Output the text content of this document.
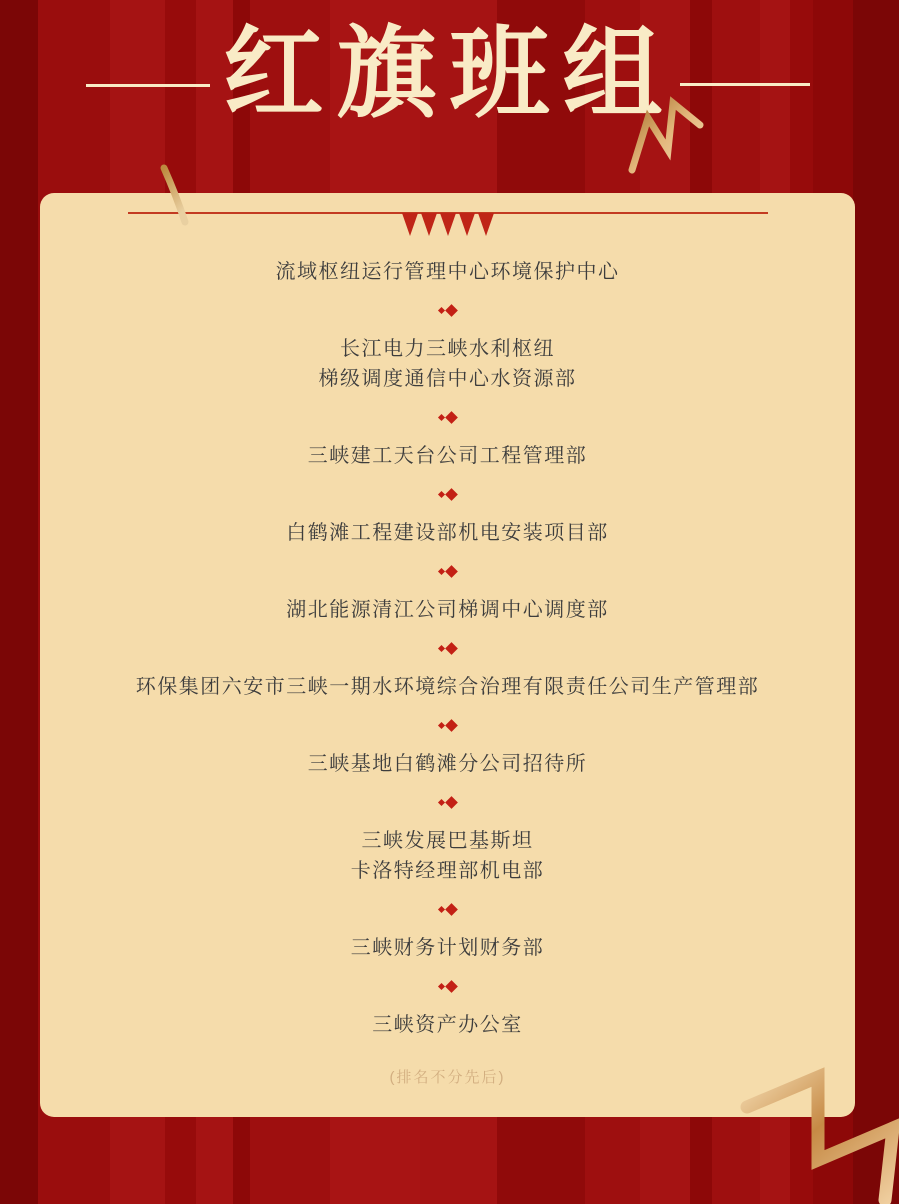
红旗班组
流域枢纽运行管理中心环境保护中心
长江电力三峡水利枢纽
梯级调度通信中心水资源部
三峡建工天台公司工程管理部
白鹤滩工程建设部机电安装项目部
湖北能源清江公司梯调中心调度部
环保集团六安市三峡一期水环境综合治理有限责任公司生产管理部
三峡基地白鹤滩分公司招待所
三峡发展巴基斯坦
卡洛特经理部机电部
三峡财务计划财务部
三峡资产办公室
(排名不分先后)
